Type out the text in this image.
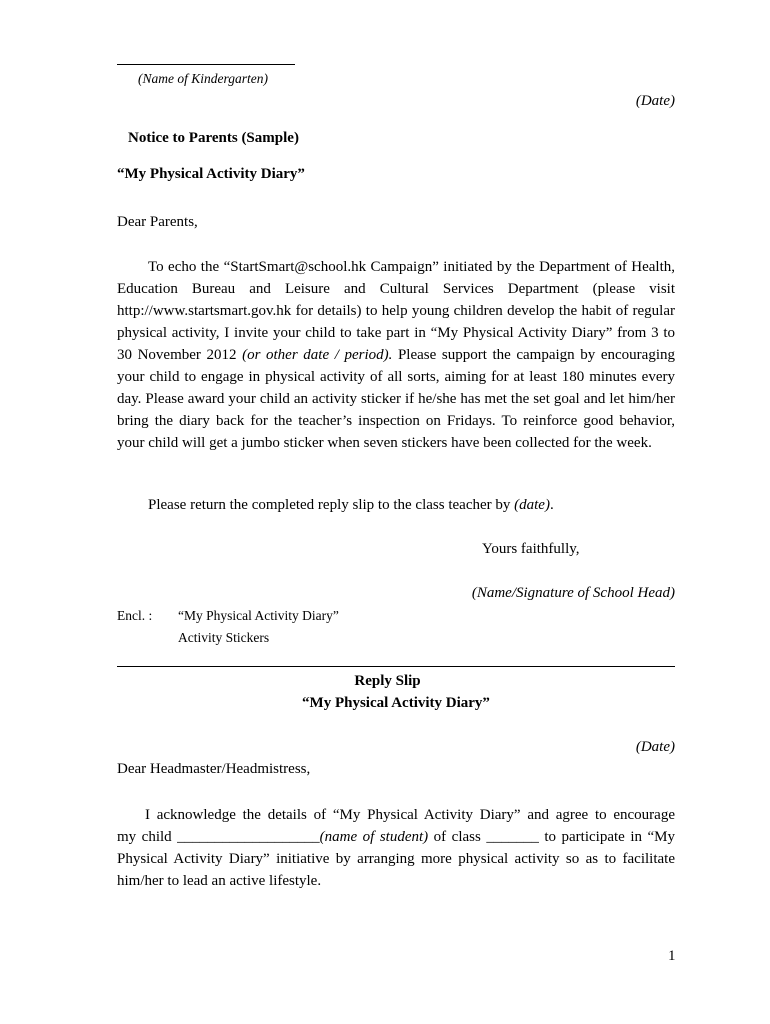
(Name of Kindergarten)
(Date)
Notice to Parents (Sample)
“My Physical Activity Diary”
Dear Parents,
To echo the “StartSmart@school.hk Campaign” initiated by the Department of Health, Education Bureau and Leisure and Cultural Services Department (please visit http://www.startsmart.gov.hk for details) to help young children develop the habit of regular physical activity, I invite your child to take part in “My Physical Activity Diary” from 3 to 30 November 2012 (or other date / period). Please support the campaign by encouraging your child to engage in physical activity of all sorts, aiming for at least 180 minutes every day. Please award your child an activity sticker if he/she has met the set goal and let him/her bring the diary back for the teacher’s inspection on Fridays. To reinforce good behavior, your child will get a jumbo sticker when seven stickers have been collected for the week.
Please return the completed reply slip to the class teacher by (date).
Yours faithfully,
(Name/Signature of School Head)
Encl. : “My Physical Activity Diary”
Activity Stickers
Reply Slip
“My Physical Activity Diary”
(Date)
Dear Headmaster/Headmistress,
I acknowledge the details of “My Physical Activity Diary” and agree to encourage
my child ___________________(name of student) of class _______ to participate in “My
Physical Activity Diary” initiative by arranging more physical activity so as to facilitate
him/her to lead an active lifestyle.
1
